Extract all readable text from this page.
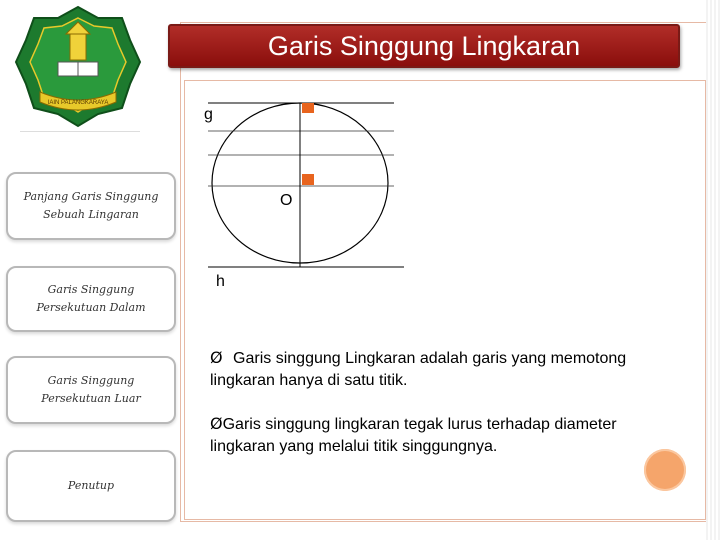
IAIN PALANGKARAYA
Garis Singgung Lingkaran
Panjang Garis Singgung Sebuah Lingaran
Garis Singgung Persekutuan Dalam
Garis Singgung Persekutuan Luar
Penutup
g
O
h
Ø Garis singgung Lingkaran adalah garis yang memotong lingkaran hanya di satu titik.
ØGaris singgung lingkaran tegak lurus terhadap diameter lingkaran yang melalui titik singgungnya.
